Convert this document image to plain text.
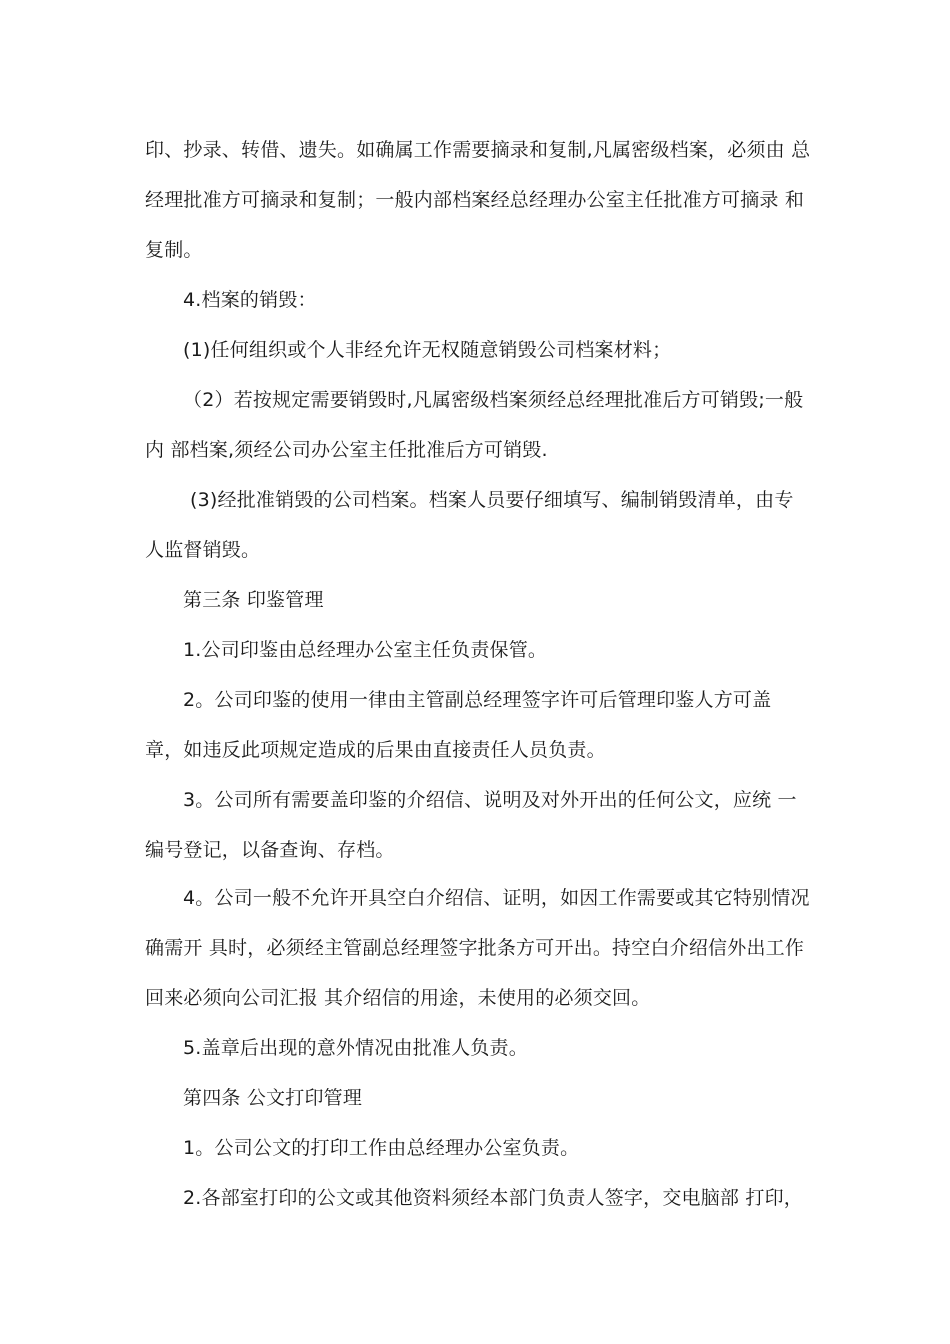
印、抄录、转借、遗失。如确属工作需要摘录和复制,凡属密级档案，必须由 总
经理批准方可摘录和复制；一般内部档案经总经理办公室主任批准方可摘录 和
复制。
4.档案的销毁：
(1)任何组织或个人非经允许无权随意销毁公司档案材料；
（2）若按规定需要销毁时,凡属密级档案须经总经理批准后方可销毁;一般
内 部档案,须经公司办公室主任批准后方可销毁.
(3)经批准销毁的公司档案。档案人员要仔细填写、编制销毁清单，由专
人监督销毁。
第三条 印鉴管理
1.公司印鉴由总经理办公室主任负责保管。
2。公司印鉴的使用一律由主管副总经理签字许可后管理印鉴人方可盖
章，如违反此项规定造成的后果由直接责任人员负责。
3。公司所有需要盖印鉴的介绍信、说明及对外开出的任何公文，应统 一
编号登记，以备查询、存档。
4。公司一般不允许开具空白介绍信、证明，如因工作需要或其它特别情况
确需开 具时，必须经主管副总经理签字批条方可开出。持空白介绍信外出工作
回来必须向公司汇报 其介绍信的用途，未使用的必须交回。
5.盖章后出现的意外情况由批准人负责。
第四条 公文打印管理
1。公司公文的打印工作由总经理办公室负责。
2.各部室打印的公文或其他资料须经本部门负责人签字，交电脑部 打印，
